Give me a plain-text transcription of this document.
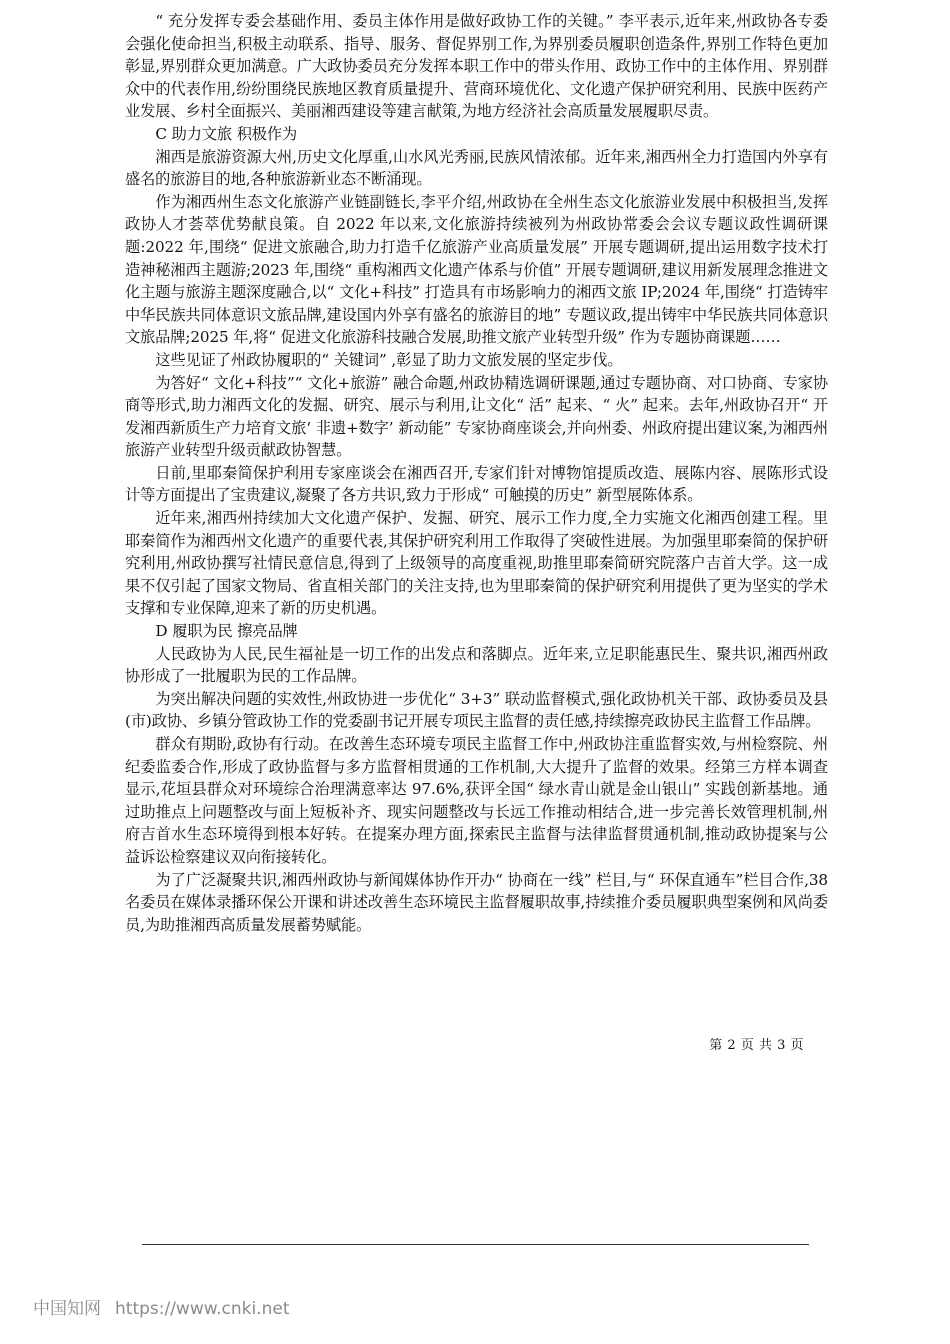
“ 充分发挥专委会基础作用、委员主体作用是做好政协工作的关键。” 李平表示,近年来,州政协各专委会强化使命担当,积极主动联系、指导、服务、督促界别工作,为界别委员履职创造条件,界别工作特色更加彰显,界别群众更加满意。广大政协委员充分发挥本职工作中的带头作用、政协工作中的主体作用、界别群众中的代表作用,纷纷围绕民族地区教育质量提升、营商环境优化、文化遗产保护研究利用、民族中医药产业发展、乡村全面振兴、美丽湘西建设等建言献策,为地方经济社会高质量发展履职尽责。

C 助力文旅 积极作为

湘西是旅游资源大州,历史文化厚重,山水风光秀丽,民族风情浓郁。近年来,湘西州全力打造国内外享有盛名的旅游目的地,各种旅游新业态不断涌现。

作为湘西州生态文化旅游产业链副链长,李平介绍,州政协在全州生态文化旅游业发展中积极担当,发挥政协人才荟萃优势献良策。自 2022 年以来,文化旅游持续被列为州政协常委会会议专题议政性调研课题:2022 年,围绕“ 促进文旅融合,助力打造千亿旅游产业高质量发展” 开展专题调研,提出运用数字技术打造神秘湘西主题游;2023 年,围绕“ 重构湘西文化遗产体系与价值” 开展专题调研,建议用新发展理念推进文化主题与旅游主题深度融合,以“ 文化+科技” 打造具有市场影响力的湘西文旅 IP;2024 年,围绕“ 打造铸牢中华民族共同体意识文旅品牌,建设国内外享有盛名的旅游目的地” 专题议政,提出铸牢中华民族共同体意识文旅品牌;2025 年,将“ 促进文化旅游科技融合发展,助推文旅产业转型升级” 作为专题协商课题……

这些见证了州政协履职的“ 关键词” ,彰显了助力文旅发展的坚定步伐。

为答好“ 文化+科技”“ 文化+旅游” 融合命题,州政协精选调研课题,通过专题协商、对口协商、专家协商等形式,助力湘西文化的发掘、研究、展示与利用,让文化“ 活” 起来、“ 火” 起来。去年,州政协召开“ 开发湘西新质生产力培育文旅‘ 非遗+数字’ 新动能” 专家协商座谈会,并向州委、州政府提出建议案,为湘西州旅游产业转型升级贡献政协智慧。

日前,里耶秦简保护利用专家座谈会在湘西召开,专家们针对博物馆提质改造、展陈内容、展陈形式设计等方面提出了宝贵建议,凝聚了各方共识,致力于形成“ 可触摸的历史” 新型展陈体系。

近年来,湘西州持续加大文化遗产保护、发掘、研究、展示工作力度,全力实施文化湘西创建工程。里耶秦简作为湘西州文化遗产的重要代表,其保护研究利用工作取得了突破性进展。为加强里耶秦简的保护研究利用,州政协撰写社情民意信息,得到了上级领导的高度重视,助推里耶秦简研究院落户吉首大学。这一成果不仅引起了国家文物局、省直相关部门的关注支持,也为里耶秦简的保护研究利用提供了更为坚实的学术支撑和专业保障,迎来了新的历史机遇。

D 履职为民 擦亮品牌

人民政协为人民,民生福祉是一切工作的出发点和落脚点。近年来,立足职能惠民生、聚共识,湘西州政协形成了一批履职为民的工作品牌。

为突出解决问题的实效性,州政协进一步优化“ 3+3” 联动监督模式,强化政协机关干部、政协委员及县(市)政协、乡镇分管政协工作的党委副书记开展专项民主监督的责任感,持续擦亮政协民主监督工作品牌。

群众有期盼,政协有行动。在改善生态环境专项民主监督工作中,州政协注重监督实效,与州检察院、州纪委监委合作,形成了政协监督与多方监督相贯通的工作机制,大大提升了监督的效果。经第三方样本调查显示,花垣县群众对环境综合治理满意率达 97.6%,获评全国“ 绿水青山就是金山银山” 实践创新基地。通过助推点上问题整改与面上短板补齐、现实问题整改与长远工作推动相结合,进一步完善长效管理机制,州府吉首水生态环境得到根本好转。在提案办理方面,探索民主监督与法律监督贯通机制,推动政协提案与公益诉讼检察建议双向衔接转化。

为了广泛凝聚共识,湘西州政协与新闻媒体协作开办“ 协商在一线” 栏目,与“ 环保直通车”栏目合作,38 名委员在媒体录播环保公开课和讲述改善生态环境民主监督履职故事,持续推介委员履职典型案例和风尚委员,为助推湘西高质量发展蓄势赋能。

第 2 页 共 3 页
中国知网 https://www.cnki.net
